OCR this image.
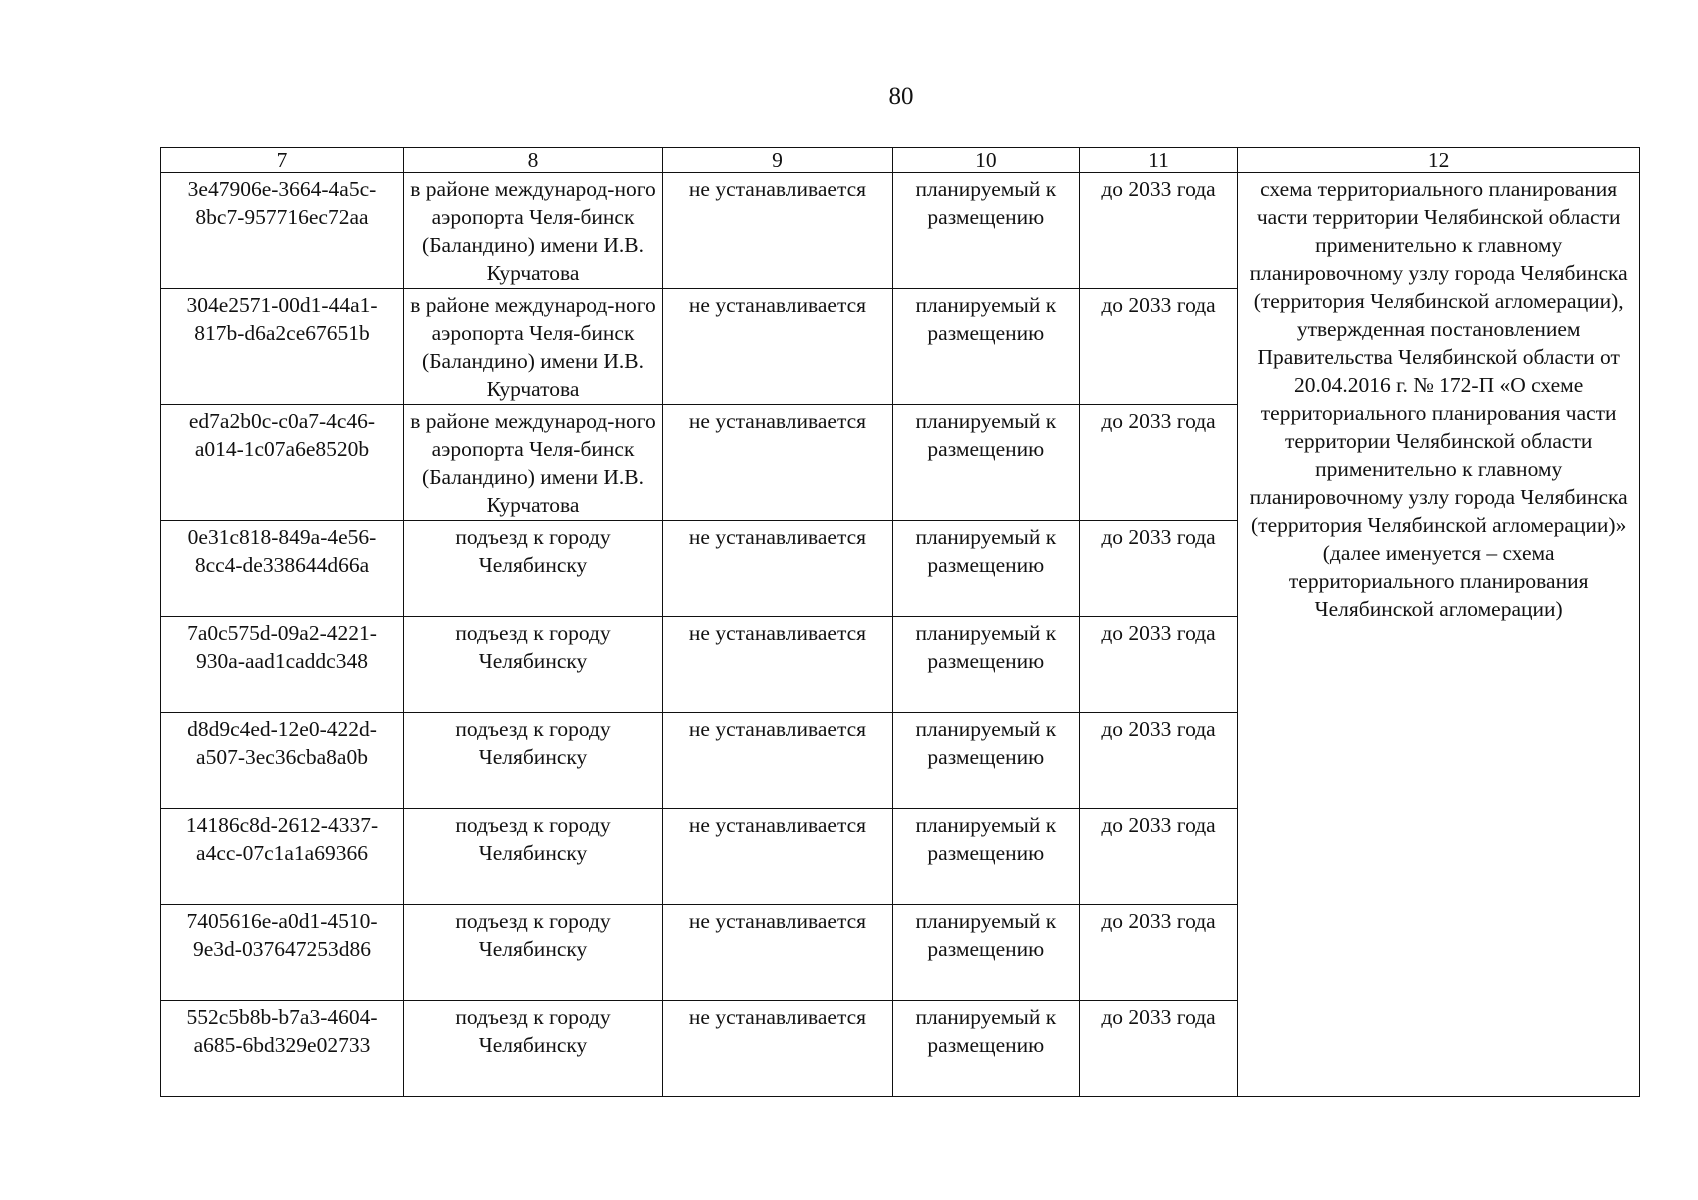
80
7	8	9	10	11	12
3e47906e-3664-4a5c-8bc7-957716ec72aa	в районе международ-ного аэропорта Челя-бинск (Баландино) имени И.В. Курчатова	не устанавливается	планируемый к размещению	до 2033 года	схема территориального планирования части территории Челябинской области применительно к главному планировочному узлу города Челябинска (территория Челябинской агломерации), утвержденная постановлением Правительства Челябинской области от 20.04.2016 г. № 172-П «О схеме территориального планирования части территории Челябинской области применительно к главному планировочному узлу города Челябинска (территория Челябинской агломерации)» (далее именуется – схема территориального планирования Челябинской агломерации)
304e2571-00d1-44a1-817b-d6a2ce67651b	в районе международ-ного аэропорта Челя-бинск (Баландино) имени И.В. Курчатова	не устанавливается	планируемый к размещению	до 2033 года	
ed7a2b0c-c0a7-4c46-a014-1c07a6e8520b	в районе международ-ного аэропорта Челя-бинск (Баландино) имени И.В. Курчатова	не устанавливается	планируемый к размещению	до 2033 года	
0e31c818-849a-4e56-8cc4-de338644d66a	подъезд к городу Челябинску	не устанавливается	планируемый к размещению	до 2033 года	
7a0c575d-09a2-4221-930a-aad1caddc348	подъезд к городу Челябинску	не устанавливается	планируемый к размещению	до 2033 года	
d8d9c4ed-12e0-422d-a507-3ec36cba8a0b	подъезд к городу Челябинску	не устанавливается	планируемый к размещению	до 2033 года	
14186c8d-2612-4337-a4cc-07c1a1a69366	подъезд к городу Челябинску	не устанавливается	планируемый к размещению	до 2033 года	
7405616e-a0d1-4510-9e3d-037647253d86	подъезд к городу Челябинску	не устанавливается	планируемый к размещению	до 2033 года	
552c5b8b-b7a3-4604-a685-6bd329e02733	подъезд к городу Челябинску	не устанавливается	планируемый к размещению	до 2033 года	
